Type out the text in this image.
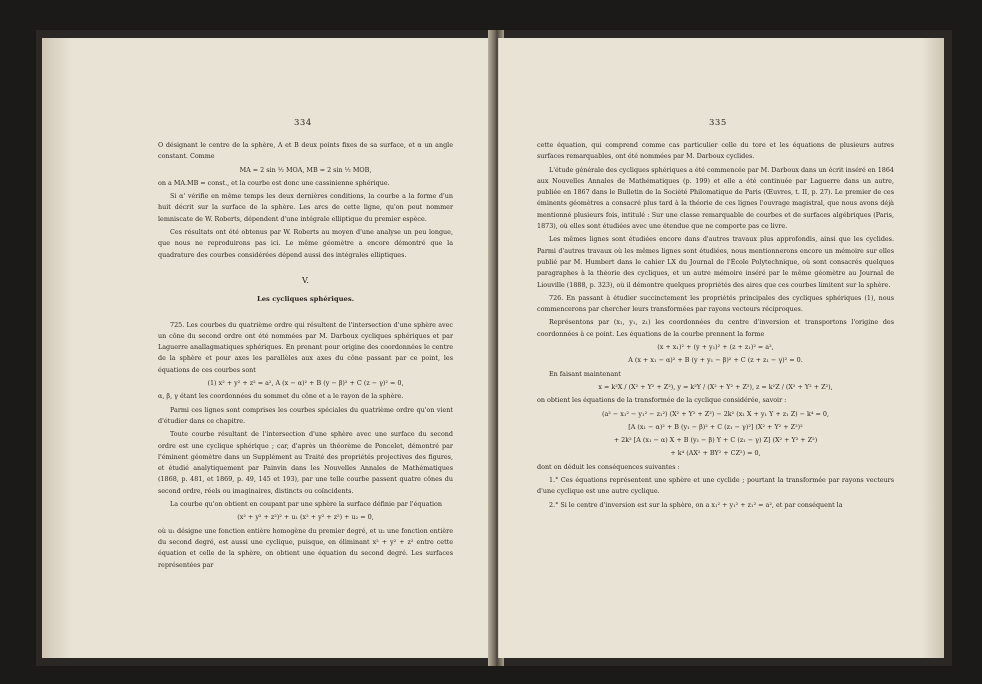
334

O désignant le centre de la sphère, A et B deux points fixes de sa surface, et α un angle constant. Comme

MA = 2 sin ½ MOA, MB = 2 sin ½ MOB,

on a MA.MB = const., et la courbe est donc une cassinienne sphérique.

Si α' vérifie en même temps les deux dernières conditions, la courbe a la forme d'un huit décrit sur la surface de la sphère. Les arcs de cette ligne, qu'on peut nommer lemniscate de W. Roberts, dépendent d'une intégrale elliptique du premier espèce.

Ces résultats ont été obtenus par W. Roberts au moyen d'une analyse un peu longue, que nous ne reproduirons pas ici. Le même géomètre a encore démontré que la quadrature des courbes considérées dépend aussi des intégrales elliptiques.

V.
Les cycliques sphériques.

725. Les courbes du quatrième ordre qui résultent de l'intersection d'une sphère avec un cône du second ordre ont été nommées par M. Darboux cycliques sphériques et par Laguerre anallagmatiques sphériques. En prenant pour origine des coordonnées le centre de la sphère et pour axes les parallèles aux axes du cône passant par ce point, les équations de ces courbes sont

(1) x² + y² + z² = a², A (x − α)² + B (y − β)² + C (z − γ)² = 0,

α, β, γ étant les coordonnées du sommet du cône et a le rayon de la sphère.

Parmi ces lignes sont comprises les courbes spéciales du quatrième ordre qu'on vient d'étudier dans ce chapitre.

Toute courbe résultant de l'intersection d'une sphère avec une surface du second ordre est une cyclique sphérique ; car, d'après un théorème de Poncelet, démontré par l'éminent géomètre dans un Supplément au Traité des propriétés projectives des figures, et étudié analytiquement par Painvin dans les Nouvelles Annales de Mathématiques (1868, p. 481, et 1869, p. 49, 145 et 193), par une telle courbe passent quatre cônes du second ordre, réels ou imaginaires, distincts ou coïncidents.

La courbe qu'on obtient en coupant par une sphère la surface définie par l'équation

(x² + y² + z²)² + u₁ (x² + y² + z²) + u₂ = 0,

où u₁ désigne une fonction entière homogène du premier degré, et u₂ une fonction entière du second degré, est aussi une cyclique, puisque, en éliminant x² + y² + z² entre cette équation et celle de la sphère, on obtient une équation du second degré. Les surfaces représentées par

335

cette équation, qui comprend comme cas particulier celle du tore et les équations de plusieurs autres surfaces remarquables, ont été nommées par M. Darboux cyclides.

L'étude générale des cycliques sphériques a été commencée par M. Darboux dans un écrit inséré en 1864 aux Nouvelles Annales de Mathématiques (p. 199) et elle a été continuée par Laguerre dans un autre, publiée en 1867 dans le Bulletin de la Société Philomatique de Paris (Œuvres, t. II, p. 27). Le premier de ces éminents géomètres a consacré plus tard à la théorie de ces lignes l'ouvrage magistral, que nous avons déjà mentionné plusieurs fois, intitulé : Sur une classe remarquable de courbes et de surfaces algébriques (Paris, 1873), où elles sont étudiées avec une étendue que ne comporte pas ce livre.

Les mêmes lignes sont étudiées encore dans d'autres travaux plus approfondis, ainsi que les cyclides. Parmi d'autres travaux où les mêmes lignes sont étudiées, nous mentionnerons encore un mémoire sur elles publié par M. Humbert dans le cahier LX du Journal de l'École Polytechnique, où sont consacrés quelques paragraphes à la théorie des cycliques, et un autre mémoire inséré par le même géomètre au Journal de Liouville (1888, p. 323), où il démontre quelques propriétés des aires que ces courbes limitent sur la sphère.

726. En passant à étudier succinctement les propriétés principales des cycliques sphériques (1), nous commencerons par chercher leurs transformées par rayons vecteurs réciproques.

Représentons par (x₁, y₁, z₁) les coordonnées du centre d'inversion et transportons l'origine des coordonnées à ce point. Les équations de la courbe prennent la forme

(x + x₁)² + (y + y₁)² + (z + z₁)² = a²,

A (x + x₁ − α)² + B (y + y₁ − β)² + C (z + z₁ − γ)² = 0.

En faisant maintenant

x = k²X / (X² + Y² + Z²), y = k²Y / (X² + Y² + Z²), z = k²Z / (X² + Y² + Z²),

on obtient les équations de la transformée de la cyclique considérée, savoir :

(a² − x₁² − y₁² − z₁²) (X² + Y² + Z²) − 2k² (x₁ X + y₁ Y + z₁ Z) − k⁴ = 0,

[A (x₁ − α)² + B (y₁ − β)² + C (z₁ − γ)²] (X² + Y² + Z²)²

+ 2k² [A (x₁ − α) X + B (y₁ − β) Y + C (z₁ − γ) Z] (X² + Y² + Z²)

+ k⁴ (AX² + BY² + CZ²) = 0,

dont on déduit les conséquences suivantes :

1.° Ces équations représentent une sphère et une cyclide ; pourtant la transformée par rayons vecteurs d'une cyclique est une autre cyclique.

2.° Si le centre d'inversion est sur la sphère, on a x₁² + y₁² + z₁² = a², et par conséquent la
